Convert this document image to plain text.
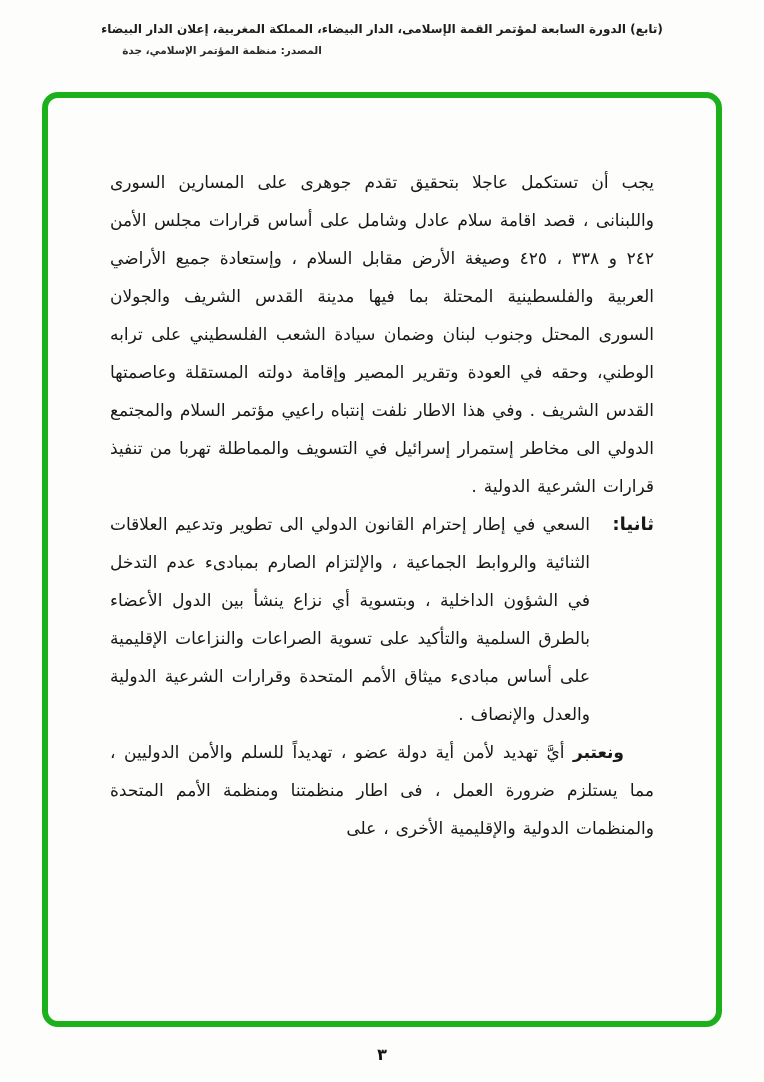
(تابع) الدورة السابعة لمؤتمر القمة الإسلامى، الدار البيضاء، المملكة المغربية، إعلان الدار البيضاء
المصدر: منظمة المؤتمر الإسلامي، جدة

يجب أن تستكمل عاجلا بتحقيق تقدم جوهرى على المسارين السورى واللبنانى ، قصد اقامة سلام عادل وشامل على أساس قرارات مجلس الأمن ٢٤٢ و ٣٣٨ ، ٤٢٥ وصيغة الأرض مقابل السلام ، وإستعادة جميع الأراضي العربية والفلسطينية المحتلة بما فيها مدينة القدس الشريف والجولان السورى المحتل وجنوب لبنان وضمان سيادة الشعب الفلسطيني على ترابه الوطني، وحقه في العودة وتقرير المصير وإقامة دولته المستقلة وعاصمتها القدس الشريف . وفي هذا الاطار نلفت إنتباه راعيي مؤتمر السلام والمجتمع الدولي الى مخاطر إستمرار إسرائيل في التسويف والمماطلة تهربا من تنفيذ قرارات الشرعية الدولية .

ثانيا:
السعي في إطار إحترام القانون الدولي الى تطوير وتدعيم العلاقات الثنائية والروابط الجماعية ، والإلتزام الصارم بمبادىء عدم التدخل في الشؤون الداخلية ، وبتسوية أي نزاع ينشأ بين الدول الأعضاء بالطرق السلمية والتأكيد على تسوية الصراعات والنزاعات الإقليمية على أساس مبادىء ميثاق الأمم المتحدة وقرارات الشرعية الدولية والعدل والإنصاف .

ونعتبر أيَّ تهديد لأمن أية دولة عضو ، تهديداً للسلم والأمن الدوليين ، مما يستلزم ضرورة العمل ، فى اطار منظمتنا ومنظمة الأمم المتحدة والمنظمات الدولية والإقليمية الأخرى ، على

٣
